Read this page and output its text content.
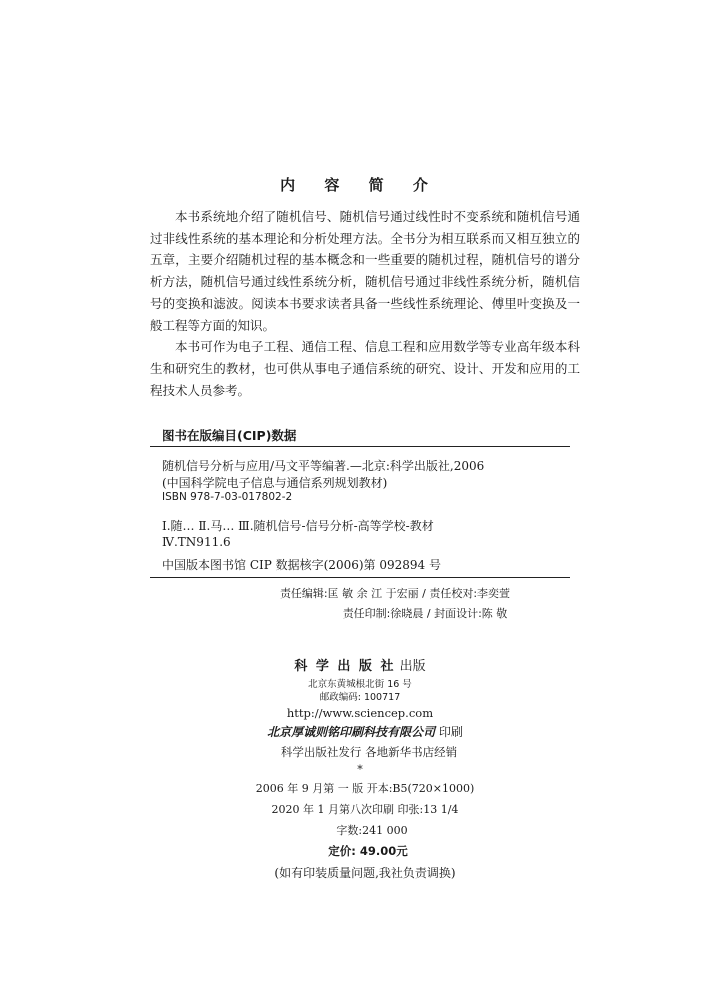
内 容 简 介

本书系统地介绍了随机信号、随机信号通过线性时不变系统和随机信号通过非线性系统的基本理论和分析处理方法。全书分为相互联系而又相互独立的五章，主要介绍随机过程的基本概念和一些重要的随机过程，随机信号的谱分析方法，随机信号通过线性系统分析，随机信号通过非线性系统分析，随机信号的变换和滤波。阅读本书要求读者具备一些线性系统理论、傅里叶变换及一般工程等方面的知识。

本书可作为电子工程、通信工程、信息工程和应用数学等专业高年级本科生和研究生的教材，也可供从事电子通信系统的研究、设计、开发和应用的工程技术人员参考。

图书在版编目(CIP)数据
随机信号分析与应用/马文平等编著.—北京:科学出版社,2006
(中国科学院电子信息与通信系列规划教材)
ISBN 978-7-03-017802-2
Ⅰ.随… Ⅱ.马… Ⅲ.随机信号-信号分析-高等学校-教材
Ⅳ.TN911.6
中国版本图书馆 CIP 数据核字(2006)第 092894 号
责任编辑:匡 敏 余 江 于宏丽 / 责任校对:李奕萱
责任印制:徐晓晨 / 封面设计:陈 敬
科 学 出 版 社 出版
北京东黄城根北街 16 号
邮政编码: 100717
http://www.sciencep.com
北京厚诚则铭印刷科技有限公司 印刷
科学出版社发行 各地新华书店经销
*
2006 年 9 月第 一 版 开本:B5(720×1000)
2020 年 1 月第八次印刷 印张:13 1/4
字数:241 000
定价: 49.00元
(如有印装质量问题,我社负责调换)
